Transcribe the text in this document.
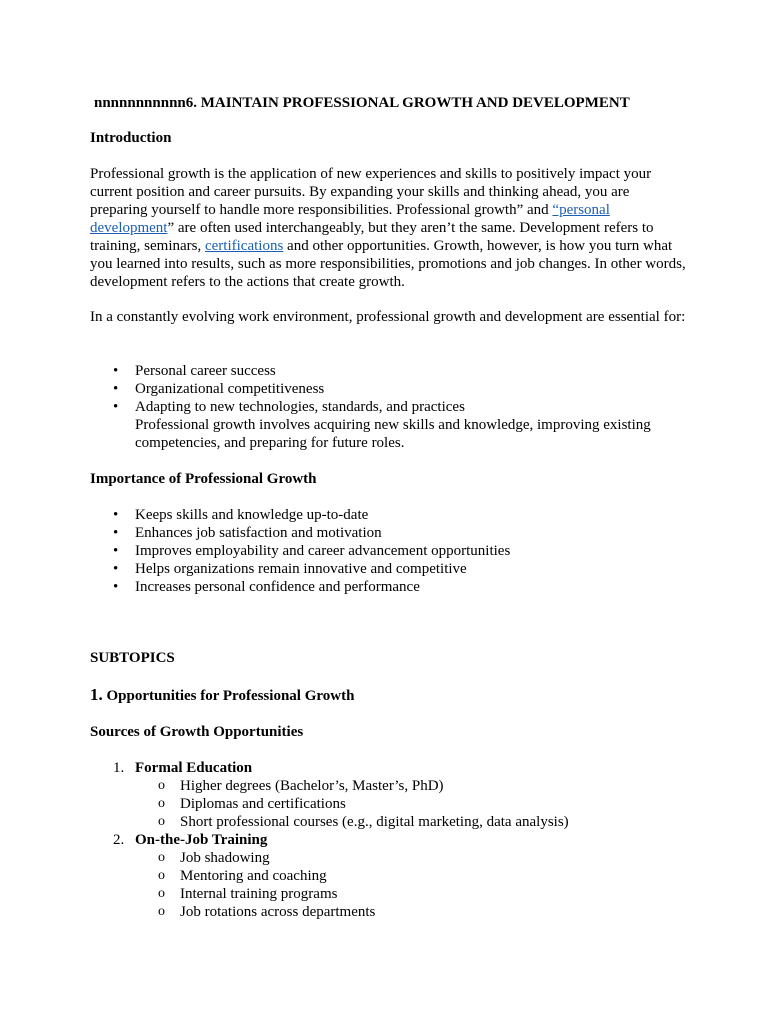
nnnnnnnnnnn6. MAINTAIN PROFESSIONAL GROWTH AND DEVELOPMENT
Introduction
Professional growth is the application of new experiences and skills to positively impact your current position and career pursuits. By expanding your skills and thinking ahead, you are preparing yourself to handle more responsibilities. Professional growth” and “personal development” are often used interchangeably, but they aren’t the same. Development refers to training, seminars, certifications and other opportunities. Growth, however, is how you turn what you learned into results, such as more responsibilities, promotions and job changes. In other words, development refers to the actions that create growth.
In a constantly evolving work environment, professional growth and development are essential for:
• Personal career success
• Organizational competitiveness
• Adapting to new technologies, standards, and practices
Professional growth involves acquiring new skills and knowledge, improving existing competencies, and preparing for future roles.
Importance of Professional Growth
• Keeps skills and knowledge up-to-date
• Enhances job satisfaction and motivation
• Improves employability and career advancement opportunities
• Helps organizations remain innovative and competitive
• Increases personal confidence and performance
SUBTOPICS
1. Opportunities for Professional Growth
Sources of Growth Opportunities
1. Formal Education
o Higher degrees (Bachelor’s, Master’s, PhD)
o Diplomas and certifications
o Short professional courses (e.g., digital marketing, data analysis)
2. On-the-Job Training
o Job shadowing
o Mentoring and coaching
o Internal training programs
o Job rotations across departments
